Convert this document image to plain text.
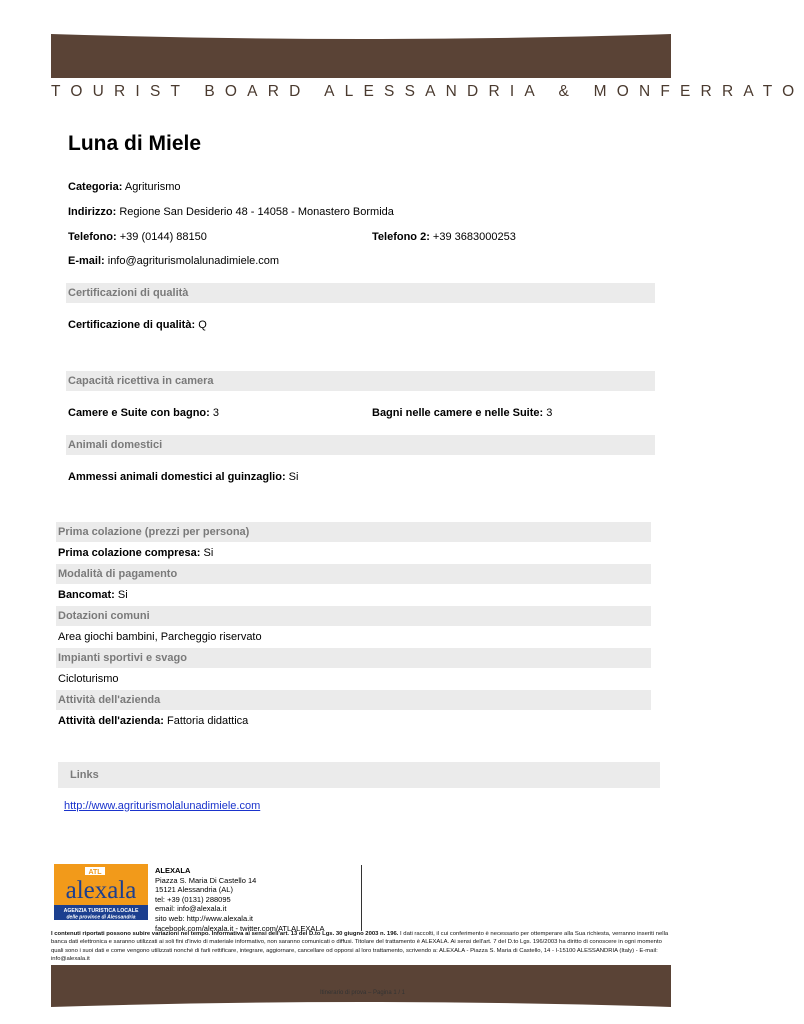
TOURIST BOARD ALESSANDRIA & MONFERRATO
Luna di Miele
Categoria: Agriturismo
Indirizzo: Regione San Desiderio 48 - 14058 - Monastero Bormida
Telefono: +39 (0144) 88150	Telefono 2: +39 3683000253
E-mail: info@agriturismolalunadimiele.com
Certificazioni di qualità
Certificazione di qualità: Q
Capacità ricettiva in camera
Camere e Suite con bagno: 3	Bagni nelle camere e nelle Suite: 3
Animali domestici
Ammessi animali domestici al guinzaglio: Si
Prima colazione (prezzi per persona)
Prima colazione compresa: Si
Modalità di pagamento
Bancomat: Si
Dotazioni comuni
Area giochi bambini, Parcheggio riservato
Impianti sportivi e svago
Cicloturismo
Attività dell'azienda
Attività dell'azienda: Fattoria didattica
Links
http://www.agriturismolalunadimiele.com
ATL
alexala
AGENZIA TURISTICA LOCALE
delle province di Alessandria
ALEXALA
Piazza S. Maria Di Castello 14
15121 Alessandria (AL)
tel: +39 (0131) 288095
email: info@alexala.it
sito web: http://www.alexala.it
facebook.com/alexala.it - twitter.com/ATLALEXALA
I contenuti riportati possono subire variazioni nel tempo. Informativa ai sensi dell'art. 13 del D.to Lgs. 30 giugno 2003 n. 196. I dati raccolti, il cui conferimento è necessario per ottemperare alla Sua richiesta, verranno inseriti nella banca dati elettronica e saranno utilizzati ai soli fini d'invio di materiale informativo, non saranno comunicati o diffusi. Titolare del trattamento è ALEXALA. Ai sensi dell'art. 7 del D.to Lgs. 196/2003 ha diritto di conoscere in ogni momento quali sono i suoi dati e come vengono utilizzati nonché di farli rettificare, integrare, aggiornare, cancellare od opporsi al loro trattamento, scrivendo a: ALEXALA - Piazza S. Maria di Castello, 14 - I-15100 ALESSANDRIA (Italy) - E-mail: info@alexala.it
Itinerario di prova – Pagina 1 / 1
